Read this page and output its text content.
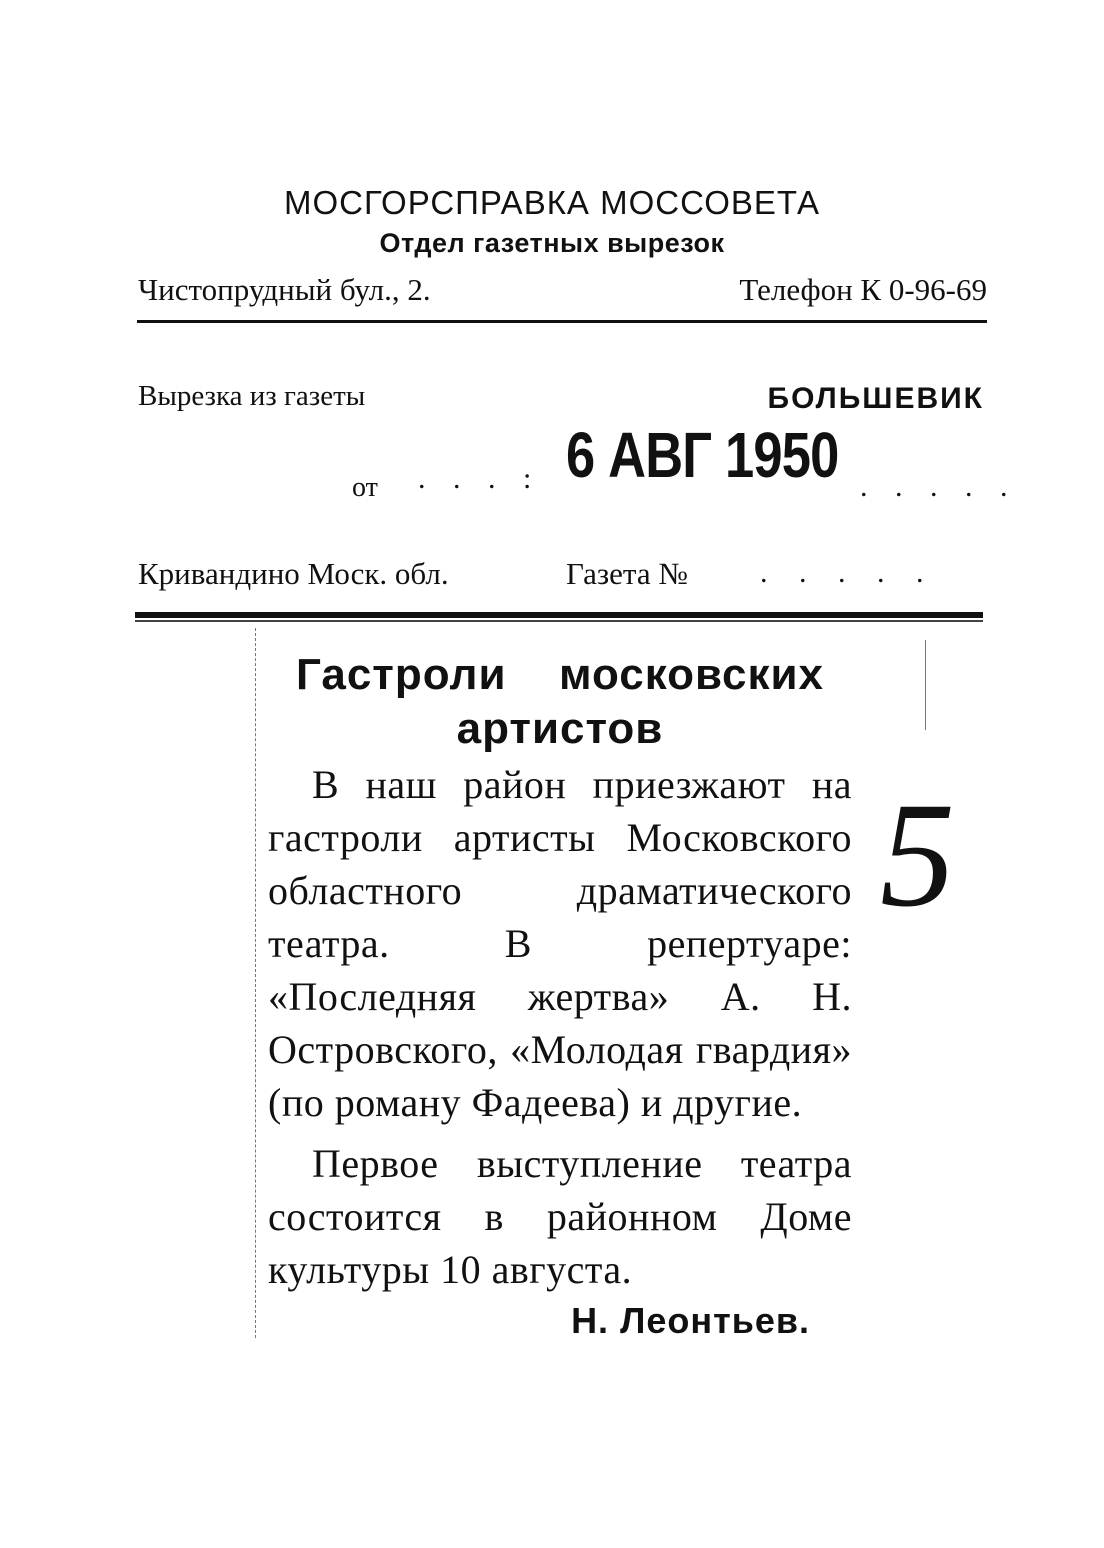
МОСГОРСПРАВКА МОССОВЕТА
Отдел газетных вырезок
Чистопрудный бул., 2.	Телефон К 0-96-69
Вырезка из газеты	БОЛЬШЕВИК
от . . . : 6 АВГ 1950 . . . . .
Кривандино Моск. обл.	Газета № . . . . .
Гастроли московских
артистов

В наш район приезжают на гастроли артисты Московского областного драматического театра. В репертуаре: «Последняя жертва» А. Н. Островского, «Молодая гвардия» (по роману Фадеева) и другие.

Первое выступление театра состоится в районном Доме культуры 10 августа.

Н. Леонтьев.
5
